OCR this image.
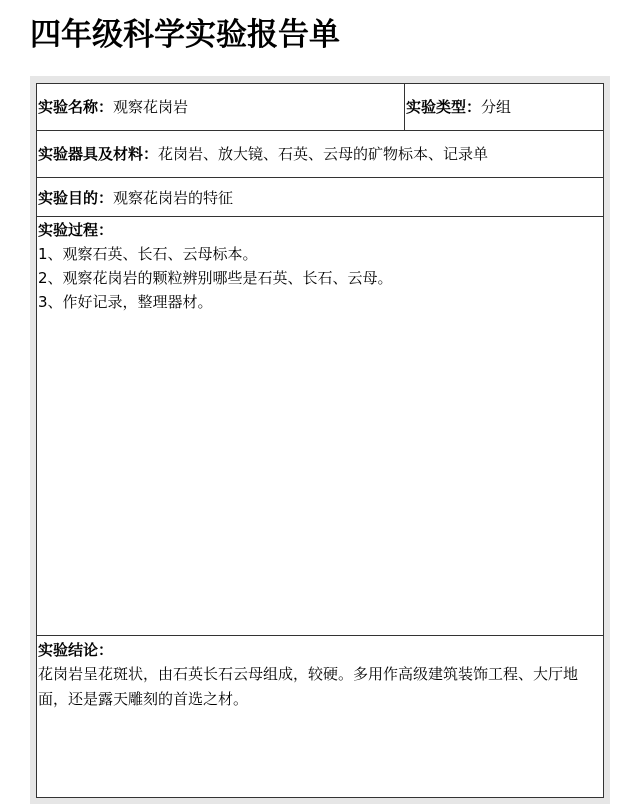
四年级科学实验报告单
实验名称：观察花岗岩	实验类型：分组
实验器具及材料：花岗岩、放大镜、石英、云母的矿物标本、记录单
实验目的：观察花岗岩的特征
实验过程：
1、观察石英、长石、云母标本。
2、观察花岗岩的颗粒辨别哪些是石英、长石、云母。
3、作好记录，整理器材。
实验结论：
花岗岩呈花斑状，由石英长石云母组成，较硬。多用作高级建筑装饰工程、大厅地面，还是露天雕刻的首选之材。
